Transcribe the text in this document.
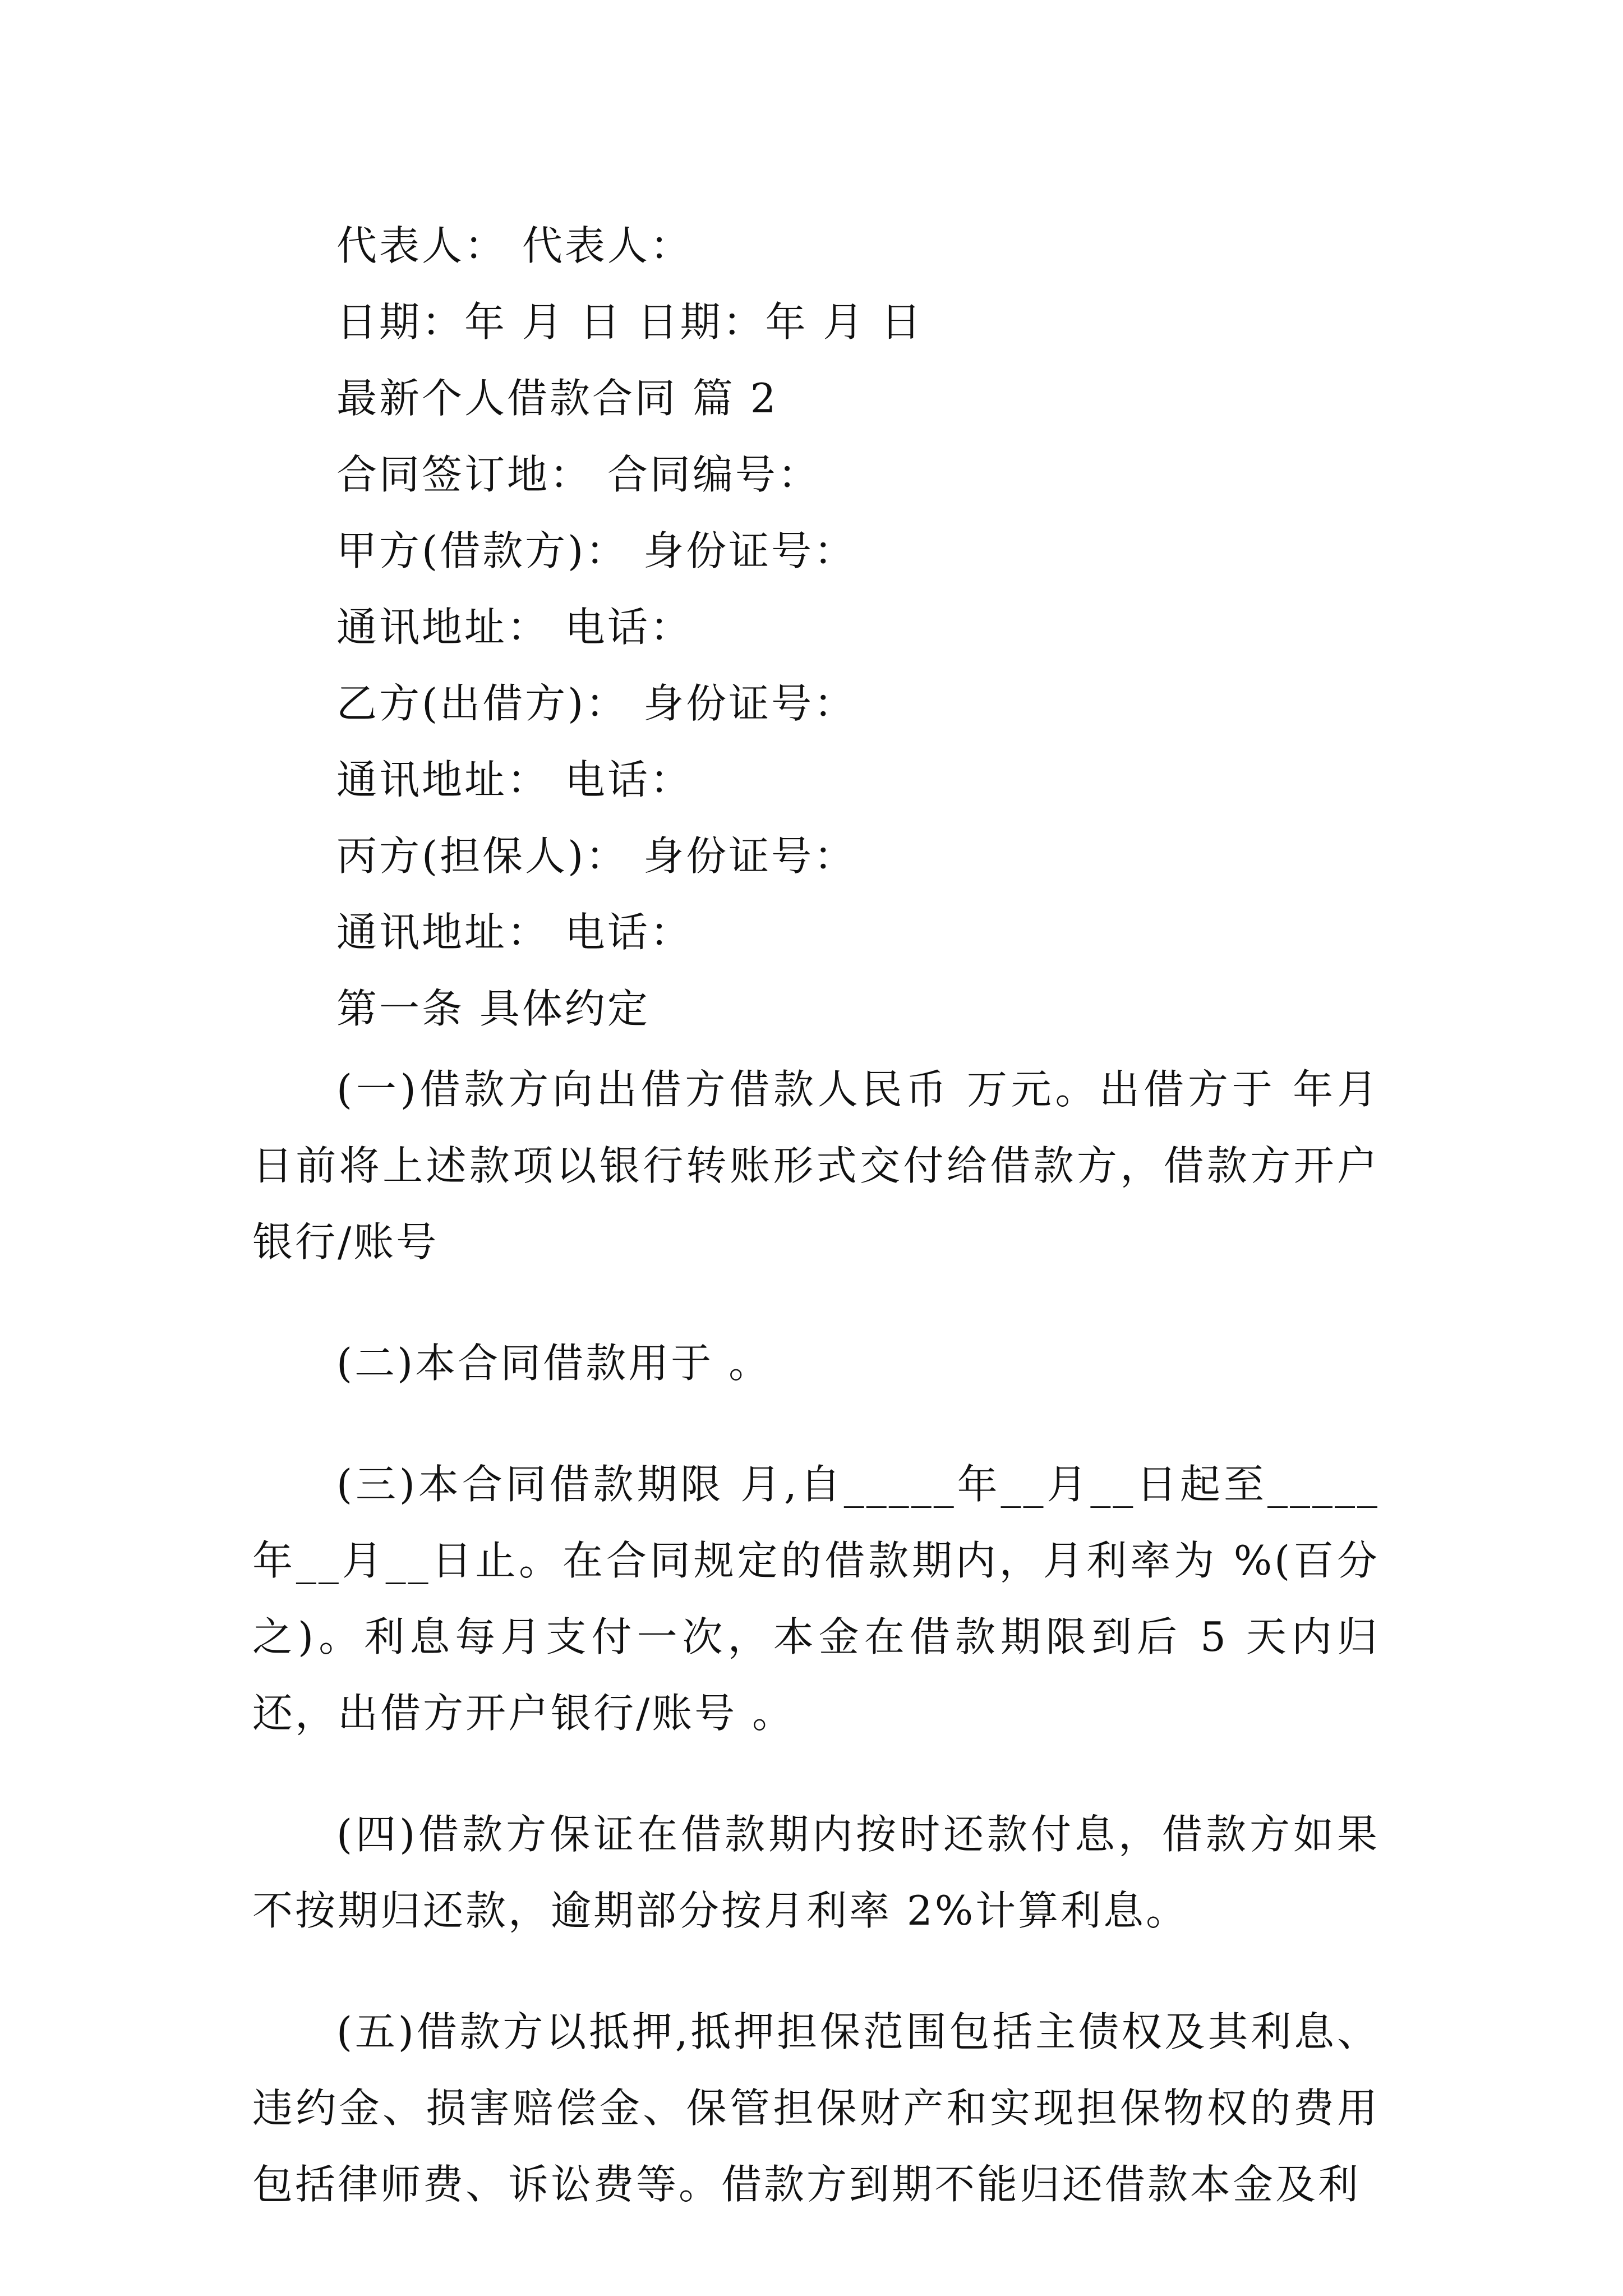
代表人： 代表人：
日期：年 月 日 日期：年 月 日
最新个人借款合同 篇 2
合同签订地： 合同编号：
甲方(借款方)： 身份证号：
通讯地址： 电话：
乙方(出借方)： 身份证号：
通讯地址： 电话：
丙方(担保人)： 身份证号：
通讯地址： 电话：
第一条 具体约定

(一)借款方向出借方借款人民币 万元。出借方于 年月 日前将上述款项以银行转账形式交付给借款方，借款方开户银行/账号

(二)本合同借款用于 。

(三)本合同借款期限 月,自_____年__月__日起至_____年__月__日止。在合同规定的借款期内，月利率为 %(百分之)。利息每月支付一次，本金在借款期限到后 5 天内归还，出借方开户银行/账号 。

(四)借款方保证在借款期内按时还款付息，借款方如果不按期归还款，逾期部分按月利率 2%计算利息。

(五)借款方以抵押,抵押担保范围包括主债权及其利息、违约金、损害赔偿金、保管担保财产和实现担保物权的费用包括律师费、诉讼费等。借款方到期不能归还借款本金及利
